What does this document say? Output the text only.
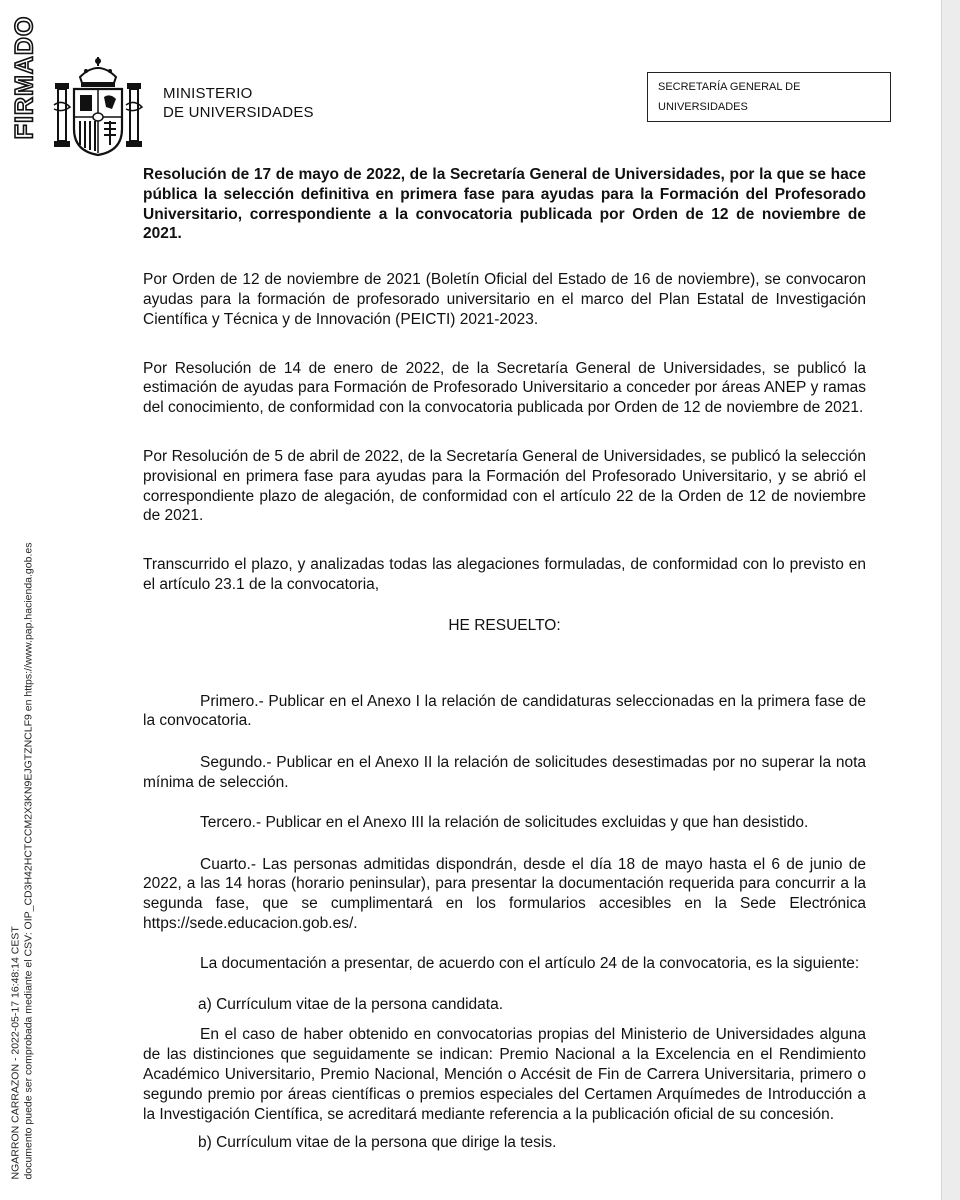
FIRMADO
NGARRON CARRAZON - 2022-05-17 16:48:14 CEST documento puede ser comprobada mediante el CSV: OIP_CD3H42HCTCCM2X3KN9EJGTZNCLF9 en https://www.pap.hacienda.gob.es
MINISTERIO
DE UNIVERSIDADES
SECRETARÍA GENERAL DE
UNIVERSIDADES

Resolución de 17 de mayo de 2022, de la Secretaría General de Universidades, por la que se hace pública la selección definitiva en primera fase para ayudas para la Formación del Profesorado Universitario, correspondiente a la convocatoria publicada por Orden de 12 de noviembre de 2021.

Por Orden de 12 de noviembre de 2021 (Boletín Oficial del Estado de 16 de noviembre), se convocaron ayudas para la formación de profesorado universitario en el marco del Plan Estatal de Investigación Científica y Técnica y de Innovación (PEICTI) 2021-2023.

Por Resolución de 14 de enero de 2022, de la Secretaría General de Universidades, se publicó la estimación de ayudas para Formación de Profesorado Universitario a conceder por áreas ANEP y ramas del conocimiento, de conformidad con la convocatoria publicada por Orden de 12 de noviembre de 2021.

Por Resolución de 5 de abril de 2022, de la Secretaría General de Universidades, se publicó la selección provisional en primera fase para ayudas para la Formación del Profesorado Universitario, y se abrió el correspondiente plazo de alegación, de conformidad con el artículo 22 de la Orden de 12 de noviembre de 2021.

Transcurrido el plazo, y analizadas todas las alegaciones formuladas, de conformidad con lo previsto en el artículo 23.1 de la convocatoria,

HE RESUELTO:

Primero.- Publicar en el Anexo I la relación de candidaturas seleccionadas en la primera fase de la convocatoria.

Segundo.- Publicar en el Anexo II la relación de solicitudes desestimadas por no superar la nota mínima de selección.

Tercero.- Publicar en el Anexo III la relación de solicitudes excluidas y que han desistido.

Cuarto.- Las personas admitidas dispondrán, desde el día 18 de mayo hasta el 6 de junio de 2022, a las 14 horas (horario peninsular), para presentar la documentación requerida para concurrir a la segunda fase, que se cumplimentará en los formularios accesibles en la Sede Electrónica https://sede.educacion.gob.es/.

La documentación a presentar, de acuerdo con el artículo 24 de la convocatoria, es la siguiente:

a) Currículum vitae de la persona candidata.

En el caso de haber obtenido en convocatorias propias del Ministerio de Universidades alguna de las distinciones que seguidamente se indican: Premio Nacional a la Excelencia en el Rendimiento Académico Universitario, Premio Nacional, Mención o Accésit de Fin de Carrera Universitaria, primero o segundo premio por áreas científicas o premios especiales del Certamen Arquímedes de Introducción a la Investigación Científica, se acreditará mediante referencia a la publicación oficial de su concesión.

b) Currículum vitae de la persona que dirige la tesis.
